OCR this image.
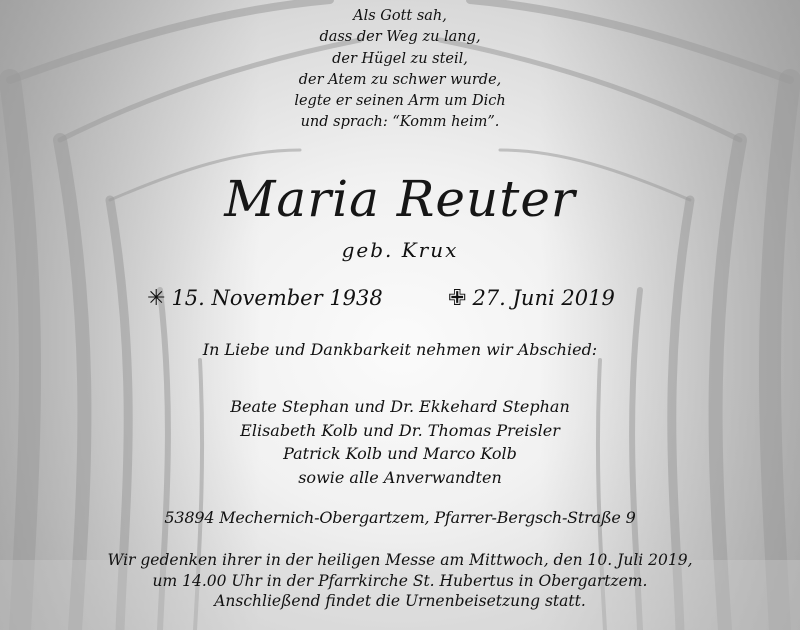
Als Gott sah,
dass der Weg zu lang,
der Hügel zu steil,
der Atem zu schwer wurde,
legte er seinen Arm um Dich
und sprach: “Komm heim”.
Maria Reuter
geb. Krux
✳ 15. November 1938	✙ 27. Juni 2019
In Liebe und Dankbarkeit nehmen wir Abschied:
Beate Stephan und Dr. Ekkehard Stephan
Elisabeth Kolb und Dr. Thomas Preisler
Patrick Kolb und Marco Kolb
sowie alle Anverwandten
53894 Mechernich-Obergartzem, Pfarrer-Bergsch-Straße 9
Wir gedenken ihrer in der heiligen Messe am Mittwoch, den 10. Juli 2019,
um 14.00 Uhr in der Pfarrkirche St. Hubertus in Obergartzem.
Anschließend findet die Urnenbeisetzung statt.
